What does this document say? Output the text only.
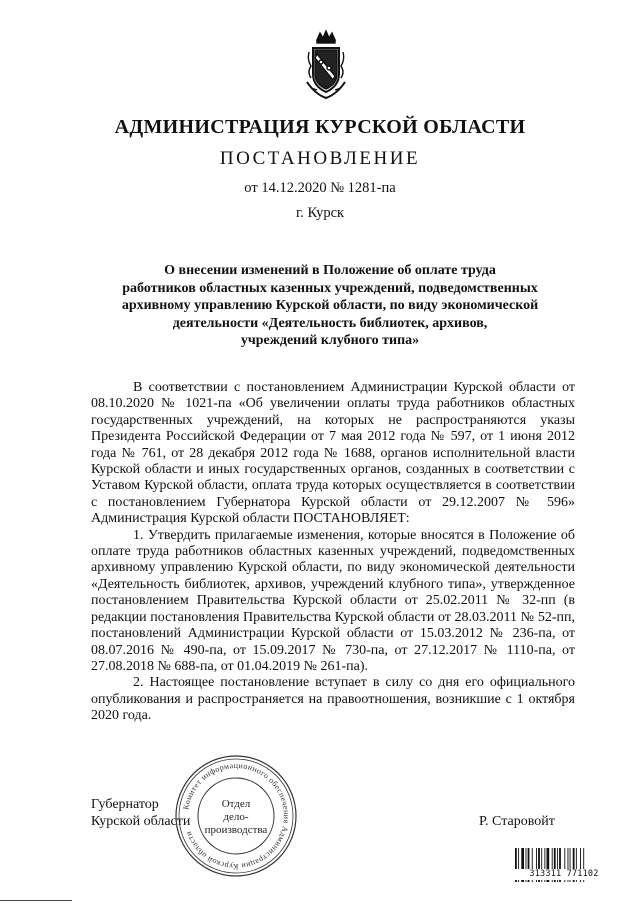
АДМИНИСТРАЦИЯ КУРСКОЙ ОБЛАСТИ
ПОСТАНОВЛЕНИЕ
от 14.12.2020 № 1281-па
г. Курск
О внесении изменений в Положение об оплате труда
работников областных казенных учреждений, подведомственных
архивному управлению Курской области, по виду экономической
деятельности «Деятельность библиотек, архивов,
учреждений клубного типа»

В соответствии с постановлением Администрации Курской области от 08.10.2020 № 1021-па «Об увеличении оплаты труда работников областных государственных учреждений, на которых не распространяются указы Президента Российской Федерации от 7 мая 2012 года № 597, от 1 июня 2012 года № 761, от 28 декабря 2012 года № 1688, органов исполнительной власти Курской области и иных государственных органов, созданных в соответствии с Уставом Курской области, оплата труда которых осуществляется в соответствии с постановлением Губернатора Курской области от 29.12.2007 № 596» Администрация Курской области ПОСТАНОВЛЯЕТ:

1. Утвердить прилагаемые изменения, которые вносятся в Положение об оплате труда работников областных казенных учреждений, подведомственных архивному управлению Курской области, по виду экономической деятельности «Деятельность библиотек, архивов, учреждений клубного типа», утвержденное постановлением Правительства Курской области от 25.02.2011 № 32-пп (в редакции постановления Правительства Курской области от 28.03.2011 № 52-пп, постановлений Администрации Курской области от 15.03.2012 № 236-па, от 08.07.2016 № 490-па, от 15.09.2017 № 730-па, от 27.12.2017 № 1110-па, от 27.08.2018 № 688-па, от 01.04.2019 № 261-па).

2. Настоящее постановление вступает в силу со дня его официального опубликования и распространяется на правоотношения, возникшие с 1 октября 2020 года.

Губернатор
Курской области	Р. Старовойт
Комитет информационного обеспечения Администрации Курской области
Отдел
дело-
производства
313311 771102
